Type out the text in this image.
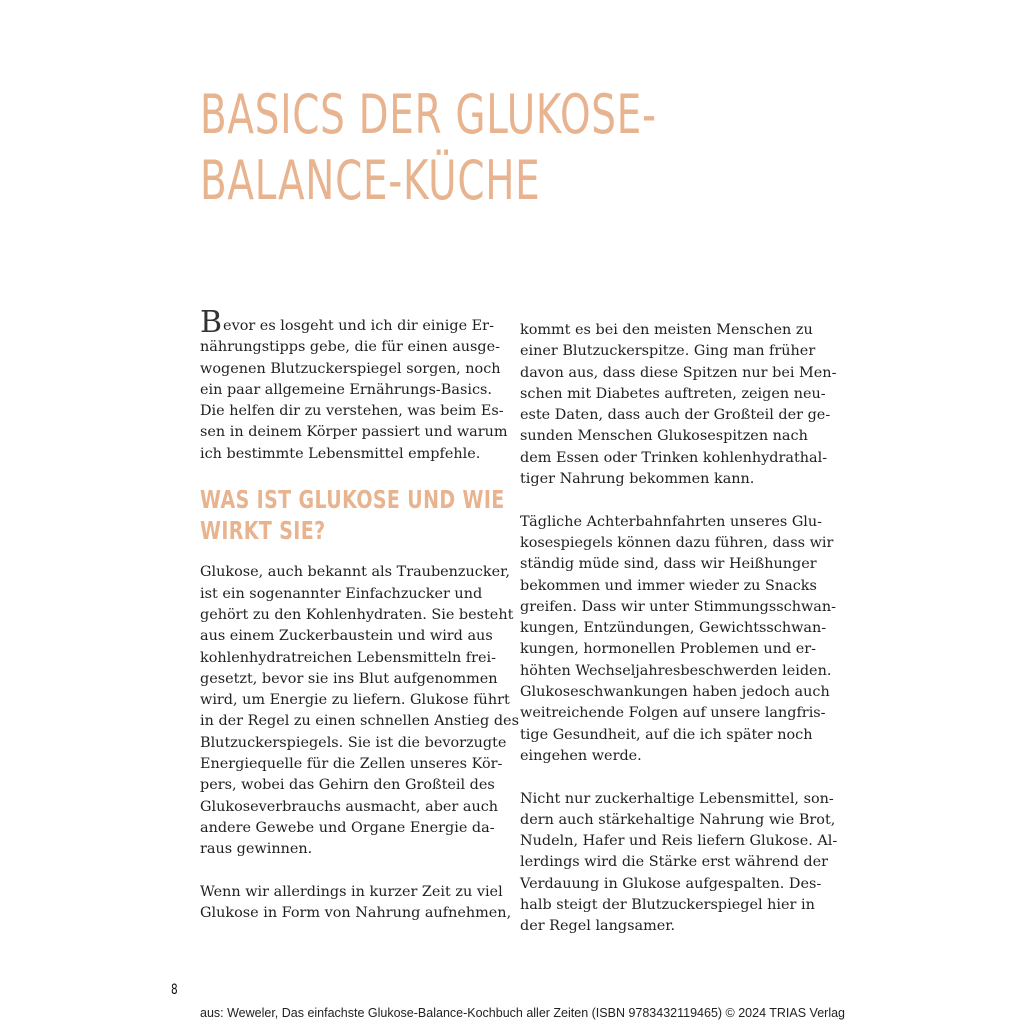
BASICS DER GLUKOSE-
BALANCE-KÜCHE
Bevor es losgeht und ich dir einige Er-
nährungstipps gebe, die für einen ausge-
wogenen Blutzuckerspiegel sorgen, noch
ein paar allgemeine Ernährungs-Basics.
Die helfen dir zu verstehen, was beim Es-
sen in deinem Körper passiert und warum
ich bestimmte Lebensmittel empfehle.
WAS IST GLUKOSE UND WIE
WIRKT SIE?
Glukose, auch bekannt als Traubenzucker,
ist ein sogenannter Einfachzucker und
gehört zu den Kohlenhydraten. Sie besteht
aus einem Zuckerbaustein und wird aus
kohlenhydratreichen Lebensmitteln frei-
gesetzt, bevor sie ins Blut aufgenommen
wird, um Energie zu liefern. Glukose führt
in der Regel zu einen schnellen Anstieg des
Blutzuckerspiegels. Sie ist die bevorzugte
Energiequelle für die Zellen unseres Kör-
pers, wobei das Gehirn den Großteil des
Glukoseverbrauchs ausmacht, aber auch
andere Gewebe und Organe Energie da-
raus gewinnen.
Wenn wir allerdings in kurzer Zeit zu viel
Glukose in Form von Nahrung aufnehmen,
kommt es bei den meisten Menschen zu
einer Blutzuckerspitze. Ging man früher
davon aus, dass diese Spitzen nur bei Men-
schen mit Diabetes auftreten, zeigen neu-
este Daten, dass auch der Großteil der ge-
sunden Menschen Glukosespitzen nach
dem Essen oder Trinken kohlenhydrathal-
tiger Nahrung bekommen kann.
Tägliche Achterbahnfahrten unseres Glu-
kosespiegels können dazu führen, dass wir
ständig müde sind, dass wir Heißhunger
bekommen und immer wieder zu Snacks
greifen. Dass wir unter Stimmungsschwan-
kungen, Entzündungen, Gewichtsschwan-
kungen, hormonellen Problemen und er-
höhten Wechseljahresbeschwerden leiden.
Glukoseschwankungen haben jedoch auch
weitreichende Folgen auf unsere langfris-
tige Gesundheit, auf die ich später noch
eingehen werde.
Nicht nur zuckerhaltige Lebensmittel, son-
dern auch stärkehaltige Nahrung wie Brot,
Nudeln, Hafer und Reis liefern Glukose. Al-
lerdings wird die Stärke erst während der
Verdauung in Glukose aufgespalten. Des-
halb steigt der Blutzuckerspiegel hier in
der Regel langsamer.
8
aus: Weweler, Das einfachste Glukose-Balance-Kochbuch aller Zeiten (ISBN 9783432119465) © 2024 TRIAS Verlag
